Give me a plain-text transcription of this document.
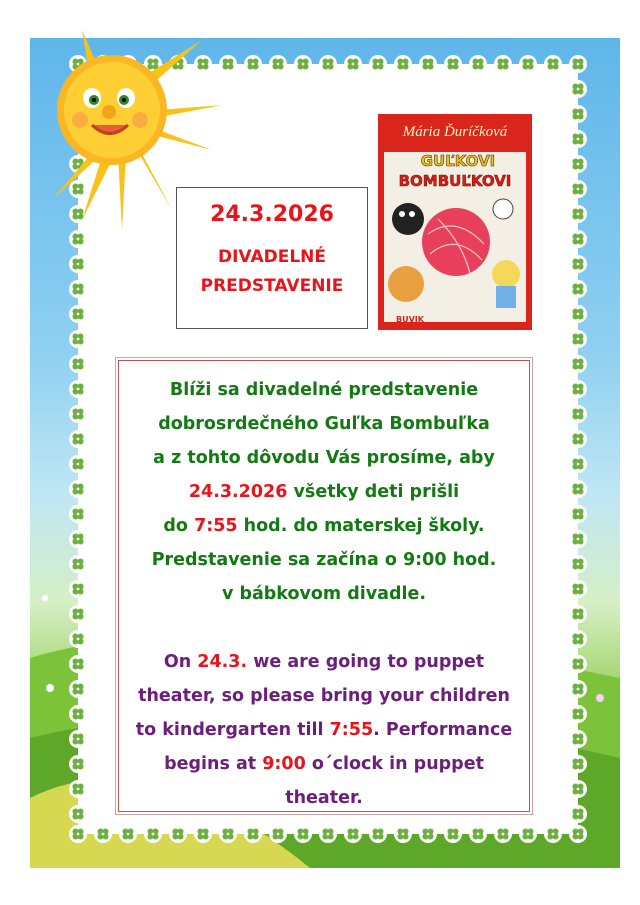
24.3.2026
DIVADELNÉ
PREDSTAVENIE
Mária Ďuríčková
GUĽKOVI
BOMBUĽKOVI
BUVIK
Blíži sa divadelné predstavenie
dobrosrdečného Guľka Bombuľka
a z tohto dôvodu Vás prosíme, aby
24.3.2026 všetky deti prišli
do 7:55 hod. do materskej školy.
Predstavenie sa začína o 9:00 hod.
v bábkovom divadle.
On 24.3. we are going to puppet
theater, so please bring your children
to kindergarten till 7:55. Performance
begins at 9:00 o´clock in puppet
theater.
